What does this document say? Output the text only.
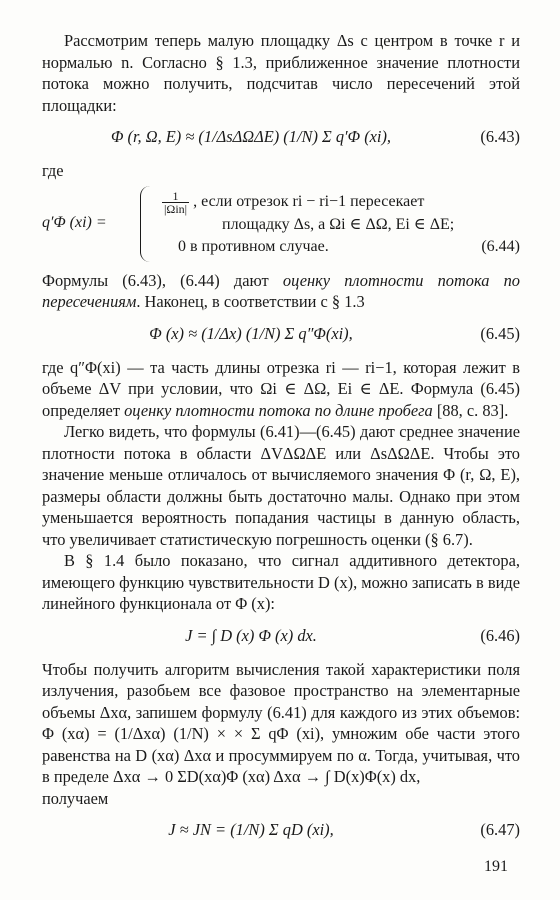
Рассмотрим теперь малую площадку Δs с центром в точке r и нормалью n. Согласно § 1.3, приближенное значение плотности потока можно получить, подсчитав число пересечений этой площадки:

Φ (r, Ω, E) ≈ (1/ΔsΔΩΔE) (1/N) Σ q′Φ (xi),	(6.43)

где

q′Φ (xi) =
$\frac{1}{\text{|Ωin|}}$ , если отрезок ri − ri−1 пересекает
площадку Δs, а Ωi ∈ ΔΩ, Ei ∈ ΔE;
0 в противном случае.	(6.44)

Формулы (6.43), (6.44) дают оценку плотности потока по пересечениям. Наконец, в соответствии с § 1.3

Φ (x) ≈ (1/Δx) (1/N) Σ q″Φ(xi),	(6.45)

где q″Φ(xi) — та часть длины отрезка ri — ri−1, которая лежит в объеме ΔV при условии, что Ωi ∈ ΔΩ, Ei ∈ ΔE. Формула (6.45) определяет оценку плотности потока по длине пробега [88, с. 83].

Легко видеть, что формулы (6.41)—(6.45) дают среднее значение плотности потока в области ΔVΔΩΔE или ΔsΔΩΔE. Чтобы это значение меньше отличалось от вычисляемого значения Φ (r, Ω, E), размеры области должны быть достаточно малы. Однако при этом уменьшается вероятность попадания частицы в данную область, что увеличивает статистическую погрешность оценки (§ 6.7).

В § 1.4 было показано, что сигнал аддитивного детектора, имеющего функцию чувствительности D (x), можно записать в виде линейного функционала от Φ (x):

J = ∫ D (x) Φ (x) dx.	(6.46)

Чтобы получить алгоритм вычисления такой характеристики поля излучения, разобьем все фазовое пространство на элементарные объемы Δxα, запишем формулу (6.41) для каждого из этих объемов: Φ (xα) = (1/Δxα) (1/N) × × Σ qΦ (xi), умножим обе части этого равенства на D (xα) Δxα и просуммируем по α. Тогда, учитывая, что в пределе Δxα → 0 ΣD(xα)Φ (xα) Δxα → ∫ D(x)Φ(x) dx,

получаем

J ≈ JN = (1/N) Σ qD (xi),	(6.47)
191
